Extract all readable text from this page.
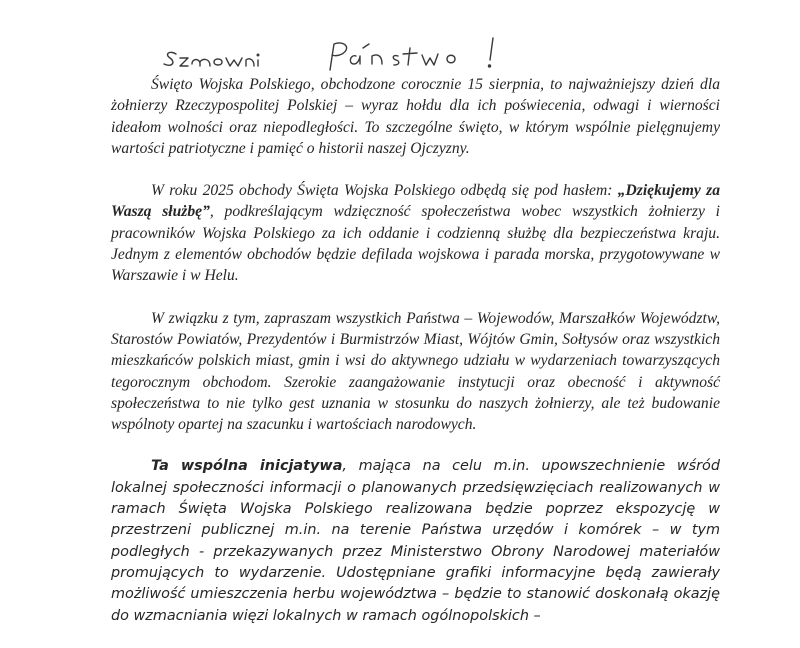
Święto Wojska Polskiego, obchodzone corocznie 15 sierpnia, to najważniejszy dzień dla żołnierzy Rzeczypospolitej Polskiej – wyraz hołdu dla ich poświecenia, odwagi i wierności ideałom wolności oraz niepodległości. To szczególne święto, w którym wspólnie pielęgnujemy wartości patriotyczne i pamięć o historii naszej Ojczyzny.

W roku 2025 obchody Święta Wojska Polskiego odbędą się pod hasłem: „Dziękujemy za Waszą służbę”, podkreślającym wdzięczność społeczeństwa wobec wszystkich żołnierzy i pracowników Wojska Polskiego za ich oddanie i codzienną służbę dla bezpieczeństwa kraju. Jednym z elementów obchodów będzie defilada wojskowa i parada morska, przygotowywane w Warszawie i w Helu.

W związku z tym, zapraszam wszystkich Państwa – Wojewodów, Marszałków Województw, Starostów Powiatów, Prezydentów i Burmistrzów Miast, Wójtów Gmin, Sołtysów oraz wszystkich mieszkańców polskich miast, gmin i wsi do aktywnego udziału w wydarzeniach towarzyszących tegorocznym obchodom. Szerokie zaangażowanie instytucji oraz obecność i aktywność społeczeństwa to nie tylko gest uznania w stosunku do naszych żołnierzy, ale też budowanie wspólnoty opartej na szacunku i wartościach narodowych.

Ta wspólna inicjatywa, mająca na celu m.in. upowszechnienie wśród lokalnej społeczności informacji o planowanych przedsięwzięciach realizowanych w ramach Święta Wojska Polskiego realizowana będzie poprzez ekspozycję w przestrzeni publicznej m.in. na terenie Państwa urzędów i komórek – w tym podległych - przekazywanych przez Ministerstwo Obrony Narodowej materiałów promujących to wydarzenie. Udostępniane grafiki informacyjne będą zawierały możliwość umieszczenia herbu województwa – będzie to stanowić doskonałą okazję do wzmacniania więzi lokalnych w ramach ogólnopolskich –
